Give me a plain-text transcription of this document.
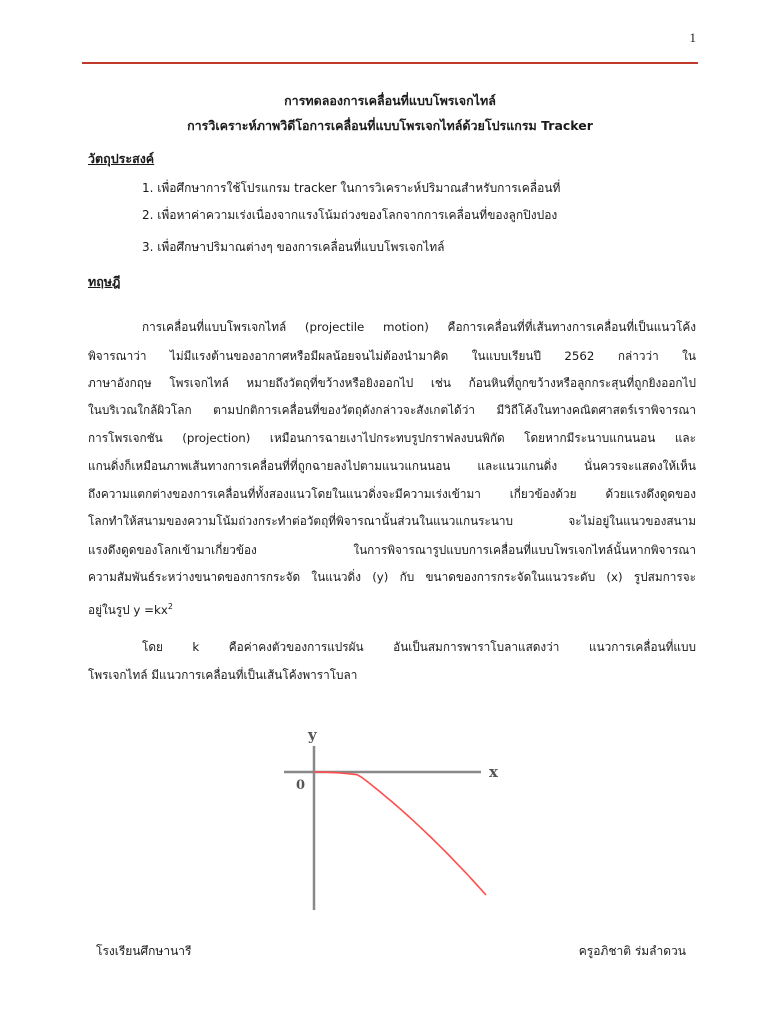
1
การทดลองการเคลื่อนที่แบบโพรเจกไทล์
การวิเคราะห์ภาพวิดีโอการเคลื่อนที่แบบโพรเจกไทล์ด้วยโปรแกรม Tracker
วัตถุประสงค์
1. เพื่อศึกษาการใช้โปรแกรม tracker ในการวิเคราะห์ปริมาณสำหรับการเคลื่อนที่
2. เพื่อหาค่าความเร่งเนื่องจากแรงโน้มถ่วงของโลกจากการเคลื่อนที่ของลูกปิงปอง
3. เพื่อศึกษาปริมาณต่างๆ ของการเคลื่อนที่แบบโพรเจกไทล์
ทฤษฎี
การเคลื่อนที่แบบโพรเจกไทล์ (projectile motion) คือการเคลื่อนที่ที่เส้นทางการเคลื่อนที่เป็นแนวโค้ง
พิจารณาว่า ไม่มีแรงต้านของอากาศหรือมีผลน้อยจนไม่ต้องนำมาคิด ในแบบเรียนปี 2562 กล่าวว่า ใน
ภาษาอังกฤษ โพรเจกไทล์ หมายถึงวัตถุที่ขว้างหรือยิงออกไป เช่น ก้อนหินที่ถูกขว้างหรือลูกกระสุนที่ถูกยิงออกไป
ในบริเวณใกล้ผิวโลก ตามปกติการเคลื่อนที่ของวัตถุดังกล่าวจะสังเกตได้ว่า มีวิถีโค้งในทางคณิตศาสตร์เราพิจารณา
การโพรเจกชัน (projection) เหมือนการฉายเงาไปกระทบรูปกราฟลงบนพิกัด โดยหากมีระนาบแกนนอน และ
แกนดิ่งก็เหมือนภาพเส้นทางการเคลื่อนที่ที่ถูกฉายลงไปตามแนวแกนนอน และแนวแกนดิ่ง นั่นควรจะแสดงให้เห็น
ถึงความแตกต่างของการเคลื่อนที่ทั้งสองแนวโดยในแนวดิ่งจะมีความเร่งเข้ามา เกี่ยวข้องด้วย ด้วยแรงดึงดูดของ
โลกทำให้สนามของความโน้มถ่วงกระทำต่อวัตถุที่พิจารณานั้นส่วนในแนวแกนระนาบ จะไม่อยู่ในแนวของสนาม
แรงดึงดูดของโลกเข้ามาเกี่ยวข้อง ในการพิจารณารูปแบบการเคลื่อนที่แบบโพรเจกไทล์นั้นหากพิจารณา
ความสัมพันธ์ระหว่างขนาดของการกระจัด ในแนวดิ่ง (y) กับ ขนาดของการกระจัดในแนวระดับ (x) รูปสมการจะ
อยู่ในรูป $y =kx^2$
โดย k คือค่าคงตัวของการแปรผัน อันเป็นสมการพาราโบลาแสดงว่า แนวการเคลื่อนที่แบบ
โพรเจกไทล์ มีแนวการเคลื่อนที่เป็นเส้นโค้งพาราโบลา
y
x
0
โรงเรียนศึกษานารี	ครูอภิชาติ ร่มลำดวน
